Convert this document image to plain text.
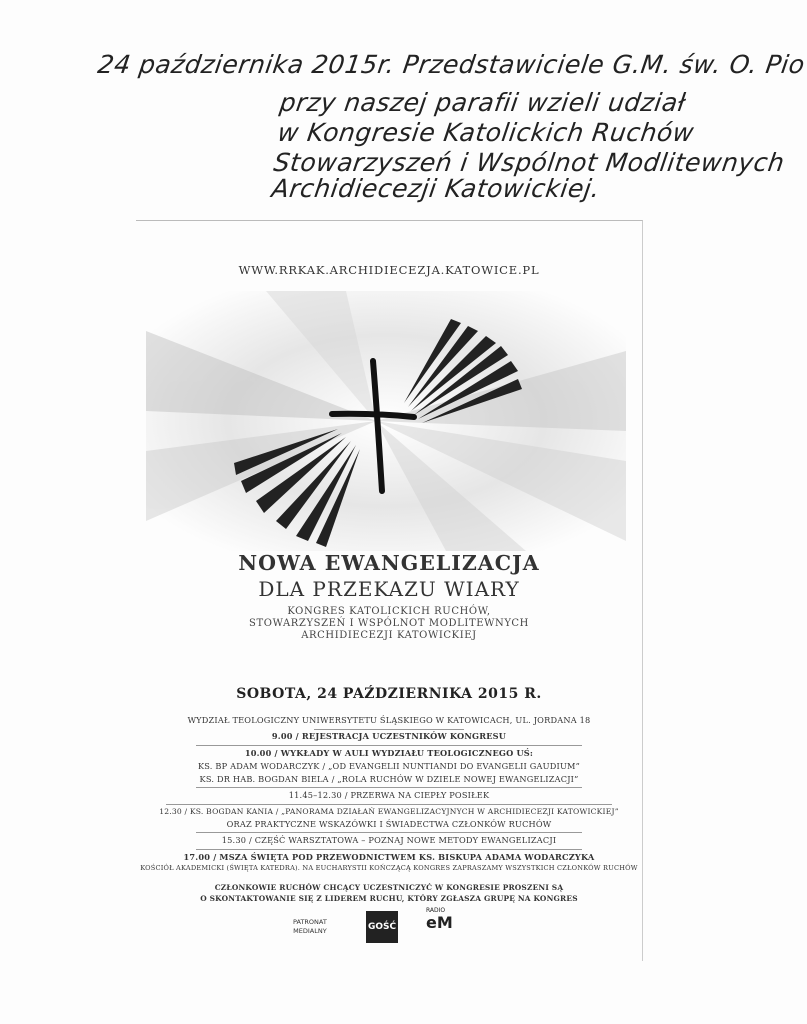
24 października 2015r. Przedstawiciele G.M. św. O. Pio
przy naszej parafii wzieli udział
w Kongresie Katolickich Ruchów
Stowarzyszeń i Wspólnot Modlitewnych
Archidiecezji Katowickiej.
WWW.RRKAK.ARCHIDIECEZJA.KATOWICE.PL
NOWA EWANGELIZACJA
DLA PRZEKAZU WIARY
KONGRES KATOLICKICH RUCHÓW,
STOWARZYSZEŃ I WSPÓLNOT MODLITEWNYCH
ARCHIDIECEZJI KATOWICKIEJ
SOBOTA, 24 PAŹDZIERNIKA 2015 R.
WYDZIAŁ TEOLOGICZNY UNIWERSYTETU ŚLĄSKIEGO W KATOWICACH, UL. JORDANA 18
9.00 / REJESTRACJA UCZESTNIKÓW KONGRESU
10.00 / WYKŁADY W AULI WYDZIAŁU TEOLOGICZNEGO UŚ:
KS. BP ADAM WODARCZYK / „OD EVANGELII NUNTIANDI DO EVANGELII GAUDIUM”
KS. DR HAB. BOGDAN BIELA / „ROLA RUCHÓW W DZIELE NOWEJ EWANGELIZACJI”
11.45–12.30 / PRZERWA NA CIEPŁY POSIŁEK
12.30 / KS. BOGDAN KANIA / „PANORAMA DZIAŁAŃ EWANGELIZACYJNYCH W ARCHIDIECEZJI KATOWICKIEJ”
ORAZ PRAKTYCZNE WSKAZÓWKI I ŚWIADECTWA CZŁONKÓW RUCHÓW
15.30 / CZĘŚĆ WARSZTATOWA – POZNAJ NOWE METODY EWANGELIZACJI
17.00 / MSZA ŚWIĘTA POD PRZEWODNICTWEM KS. BISKUPA ADAMA WODARCZYKA
KOŚCIÓŁ AKADEMICKI (ŚWIĘTA KATEDRA). NA EUCHARYSTII KOŃCZĄCĄ KONGRES ZAPRASZAMY WSZYSTKICH CZŁONKÓW RUCHÓW
CZŁONKOWIE RUCHÓW CHCĄCY UCZESTNICZYĆ W KONGRESIE PROSZENI SĄ
O SKONTAKTOWANIE SIĘ Z LIDEREM RUCHU, KTÓRY ZGŁASZA GRUPĘ NA KONGRES
PATRONAT
MEDIALNY	GOŚĆ
RADIO
eM
